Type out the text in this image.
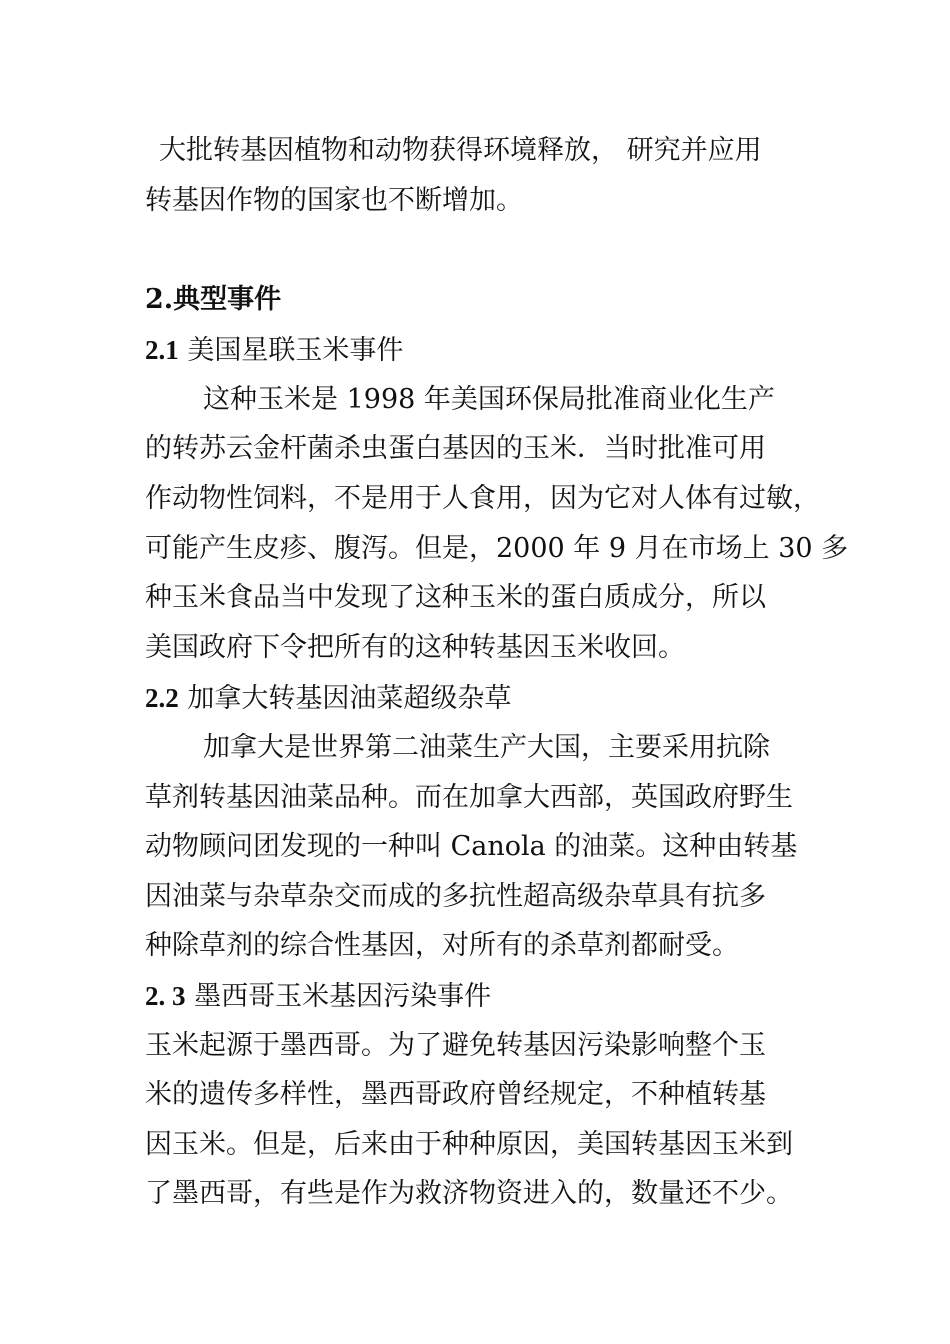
大批转基因植物和动物获得环境释放， 研究并应用
转基因作物的国家也不断增加。
2.典型事件
2.1 美国星联玉米事件
这种玉米是 1998 年美国环保局批准商业化生产
的转苏云金杆菌杀虫蛋白基因的玉米．当时批准可用
作动物性饲料，不是用于人食用，因为它对人体有过敏，
可能产生皮疹、腹泻。但是，2000 年 9 月在市场上 30 多
种玉米食品当中发现了这种玉米的蛋白质成分，所以
美国政府下令把所有的这种转基因玉米收回。
2.2 加拿大转基因油菜超级杂草
加拿大是世界第二油菜生产大国，主要采用抗除
草剂转基因油菜品种。而在加拿大西部，英国政府野生
动物顾问团发现的一种叫 Canola 的油菜。这种由转基
因油菜与杂草杂交而成的多抗性超高级杂草具有抗多
种除草剂的综合性基因，对所有的杀草剂都耐受。
2. 3 墨西哥玉米基因污染事件
玉米起源于墨西哥。为了避免转基因污染影响整个玉
米的遗传多样性，墨西哥政府曾经规定，不种植转基
因玉米。但是，后来由于种种原因，美国转基因玉米到
了墨西哥，有些是作为救济物资进入的，数量还不少。
